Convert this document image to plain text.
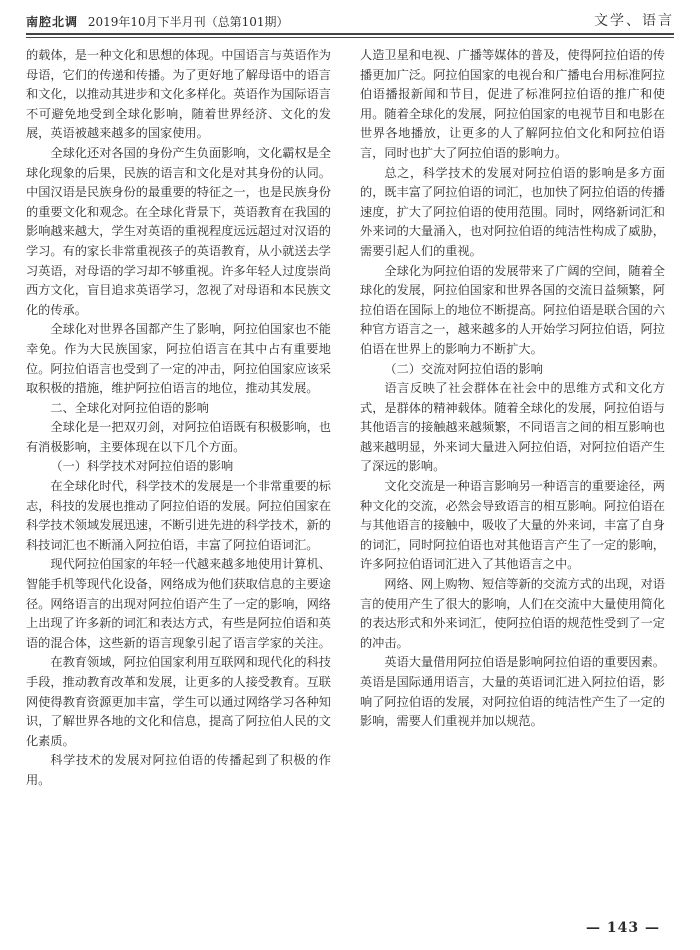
南腔北调 2019年10月下半月刊（总第101期）	文学、语言

的载体，是一种文化和思想的体现。中国语言与英语作为母语，它们的传递和传播。为了更好地了解母语中的语言和文化，以推动其进步和文化多样化。英语作为国际语言不可避免地受到全球化影响，随着世界经济、文化的发展，英语被越来越多的国家使用。

全球化还对各国的身份产生负面影响，文化霸权是全球化现象的后果，民族的语言和文化是对其身份的认同。中国汉语是民族身份的最重要的特征之一，也是民族身份的重要文化和观念。在全球化背景下，英语教育在我国的影响越来越大，学生对英语的重视程度远远超过对汉语的学习。有的家长非常重视孩子的英语教育，从小就送去学习英语，对母语的学习却不够重视。许多年轻人过度崇尚西方文化，盲目追求英语学习，忽视了对母语和本民族文化的传承。

全球化对世界各国都产生了影响，阿拉伯国家也不能幸免。作为大民族国家，阿拉伯语言在其中占有重要地位。阿拉伯语言也受到了一定的冲击，阿拉伯国家应该采取积极的措施，维护阿拉伯语言的地位，推动其发展。

二、全球化对阿拉伯语的影响

全球化是一把双刃剑，对阿拉伯语既有积极影响，也有消极影响，主要体现在以下几个方面。

（一）科学技术对阿拉伯语的影响

在全球化时代，科学技术的发展是一个非常重要的标志，科技的发展也推动了阿拉伯语的发展。阿拉伯国家在科学技术领域发展迅速，不断引进先进的科学技术，新的科技词汇也不断涌入阿拉伯语，丰富了阿拉伯语词汇。

现代阿拉伯国家的年轻一代越来越多地使用计算机、智能手机等现代化设备，网络成为他们获取信息的主要途径。网络语言的出现对阿拉伯语产生了一定的影响，网络上出现了许多新的词汇和表达方式，有些是阿拉伯语和英语的混合体，这些新的语言现象引起了语言学家的关注。

在教育领域，阿拉伯国家利用互联网和现代化的科技手段，推动教育改革和发展，让更多的人接受教育。互联网使得教育资源更加丰富，学生可以通过网络学习各种知识，了解世界各地的文化和信息，提高了阿拉伯人民的文化素质。

科学技术的发展对阿拉伯语的传播起到了积极的作用。

人造卫星和电视、广播等媒体的普及，使得阿拉伯语的传播更加广泛。阿拉伯国家的电视台和广播电台用标准阿拉伯语播报新闻和节目，促进了标准阿拉伯语的推广和使用。随着全球化的发展，阿拉伯国家的电视节目和电影在世界各地播放，让更多的人了解阿拉伯文化和阿拉伯语言，同时也扩大了阿拉伯语的影响力。

总之，科学技术的发展对阿拉伯语的影响是多方面的，既丰富了阿拉伯语的词汇，也加快了阿拉伯语的传播速度，扩大了阿拉伯语的使用范围。同时，网络新词汇和外来词的大量涌入，也对阿拉伯语的纯洁性构成了威胁，需要引起人们的重视。

全球化为阿拉伯语的发展带来了广阔的空间，随着全球化的发展，阿拉伯国家和世界各国的交流日益频繁，阿拉伯语在国际上的地位不断提高。阿拉伯语是联合国的六种官方语言之一，越来越多的人开始学习阿拉伯语，阿拉伯语在世界上的影响力不断扩大。

（二）交流对阿拉伯语的影响

语言反映了社会群体在社会中的思维方式和文化方式，是群体的精神载体。随着全球化的发展，阿拉伯语与其他语言的接触越来越频繁，不同语言之间的相互影响也越来越明显，外来词大量进入阿拉伯语，对阿拉伯语产生了深远的影响。

文化交流是一种语言影响另一种语言的重要途径，两种文化的交流，必然会导致语言的相互影响。阿拉伯语在与其他语言的接触中，吸收了大量的外来词，丰富了自身的词汇，同时阿拉伯语也对其他语言产生了一定的影响，许多阿拉伯语词汇进入了其他语言之中。

网络、网上购物、短信等新的交流方式的出现，对语言的使用产生了很大的影响，人们在交流中大量使用简化的表达形式和外来词汇，使阿拉伯语的规范性受到了一定的冲击。

英语大量借用阿拉伯语是影响阿拉伯语的重要因素。英语是国际通用语言，大量的英语词汇进入阿拉伯语，影响了阿拉伯语的发展，对阿拉伯语的纯洁性产生了一定的影响，需要人们重视并加以规范。

— 143 —
